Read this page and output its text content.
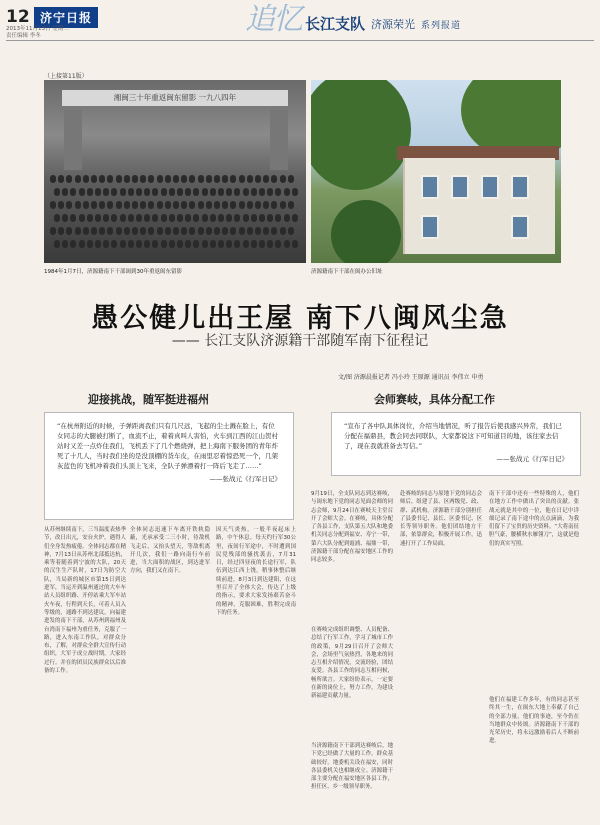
12 济宁日报
2013年11月13日 星期三
责任编辑 李冬	追忆 长江支队 济源荣光 系列报道
（上接第11版）
湘闽三十年重返闽东留影 一九八四年
1984年1月7日，济源籍南下干部闽到30年重返闽东留影	济源籍南下干部在闽办公旧址
愚公健儿出王屋 南下八闽风尘急
—— 长江支队济源籍干部随军南下征程记
文/图 济源晨报记者 冯小玲 王原源 通讯员 李伟立 申勇
迎接挑战，随军挺进福州	会师赛岐，具体分配工作
“在杭州附近的时候，子弹距离我们只有几尺远，飞起的尘土溅在脸上，有位女同志的大腿被打断了，血流不止，着着真叫人害怕，火车到江西的江山贺村站时又差一点炸住我们，飞机丢下了几个燃烧弹，把上海南下服务团的青年炸死了十几人，当时我们坐的是没顶棚的货车皮，在雨里忍着惊恐死一个，几架灰蓝色的飞机冲着我们头顶上飞来，全队子弹漂着打一阵后飞走了……”
——张战元《行军日记》
“宣布了各中队具体岗位，介绍当地情况，听了报告后使我感兴异常，我们已分配在福鼎县，教会同去同联队，大家都说这下可知道目的地，该往家去信了，现在我就准备去写信。”
——张战元《行军日记》
从苏州继续南下，三当温度表热季节，改日出亢，安台火炉，遇得人们全身发热疲倦。全体同志都在精神，7月13日从苏州北部抵达杭，乘等着随着到宁波的大队，20天的汉生生产队时，17日为防空大队，当局新的城区市第15日到达进军，当运开到温州通过的大车车站人员组织路、开停站乘大军车站火车夜，行程到天长，可着人员入等级的，通路不到达建议，向福建进发的南下干部，从苏州到福州及台湾南下福州为重任务，克服了一路，进入东南工作队，对群众分布，了解，对群众全群大宣传行动组织，大军于成立战时期，大家经过行。并在的团员民族群众以后准备的工作。
全体同志迅速下车离开铁轨隐蔽，光承承受二三小时，待敌机飞走后，又抬头望天，等敌机离开几次，我们一路向南行车前进，当大面积的战区，到达进军方向，我们又在南下。
因天气炎热，一般半夜起床上路，中午休息。每天约行军30公里，夜间行军途中，不时遭到国民党残部的骚扰袭击，7月31日，经过四昼夜的长途行军，队伍到达江西上饶，稍事休整后继续前进。8月3日到达建阳，在这里召开了全体大会，传达了上级的指示，要求大家发扬艰苦奋斗的精神，克服困难，胜利完成南下的任务。
9月19日，全支队同志到达赛岐，与闽东地下党的同志见面会师的同志会师，9月24日在赛岐天主堂召开了会师大会。在赛岐，具体分配了各县工作，支队第五大队和地委机关同志分配到福安、寿宁一带，第六大队分配到霞浦、福鼎一带，济源籍干部分配在福安地区工作的同志较多。
在赛岐完成组织调整、人员配备、总结了行军工作，学习了城市工作的政策，9月29日召开了会师大会，会场里气氛热烈，各地来的同志互相介绍情况，交流经验，团结友爱。各县工作的同志互相问候，畅所欲言。大家纷纷表示，一定要在新的岗位上，努力工作，为建设新福建贡献力量。
当济源籍南下干部到达赛岐后，地下党已经做了大量的工作，群众基础较好。地委机关设在福安，同时各县委机关也相继成立。济源籍干部主要分配在福安地区各县工作，担任区、乡一级领导职务。
赴赛岐的同志与原地下党的同志会师后，组建了县、区两级党、政、群、武机构。济源籍干部分别担任了县委书记、县长、区委书记、区长等领导职务。他们团结地方干部，依靠群众，积极开展工作，迅速打开了工作局面。
南下干部中还有一些特殊的人，他们在地方工作中做出了突出的贡献。张战元就是其中的一位，他在日记中详细记录了南下途中的点点滴滴，为我们留下了宝贵的历史资料。“大将南征胆气豪，腰横秋水雁翎刀”，这就是他们的真实写照。
他们在福建工作多年，有的同志甚至终其一生，在闽东大地上奉献了自己的全部力量。他们的事迹，至今仍在当地群众中传颂。济源籍南下干部的光荣历史，将永远激励着后人不断前进。
